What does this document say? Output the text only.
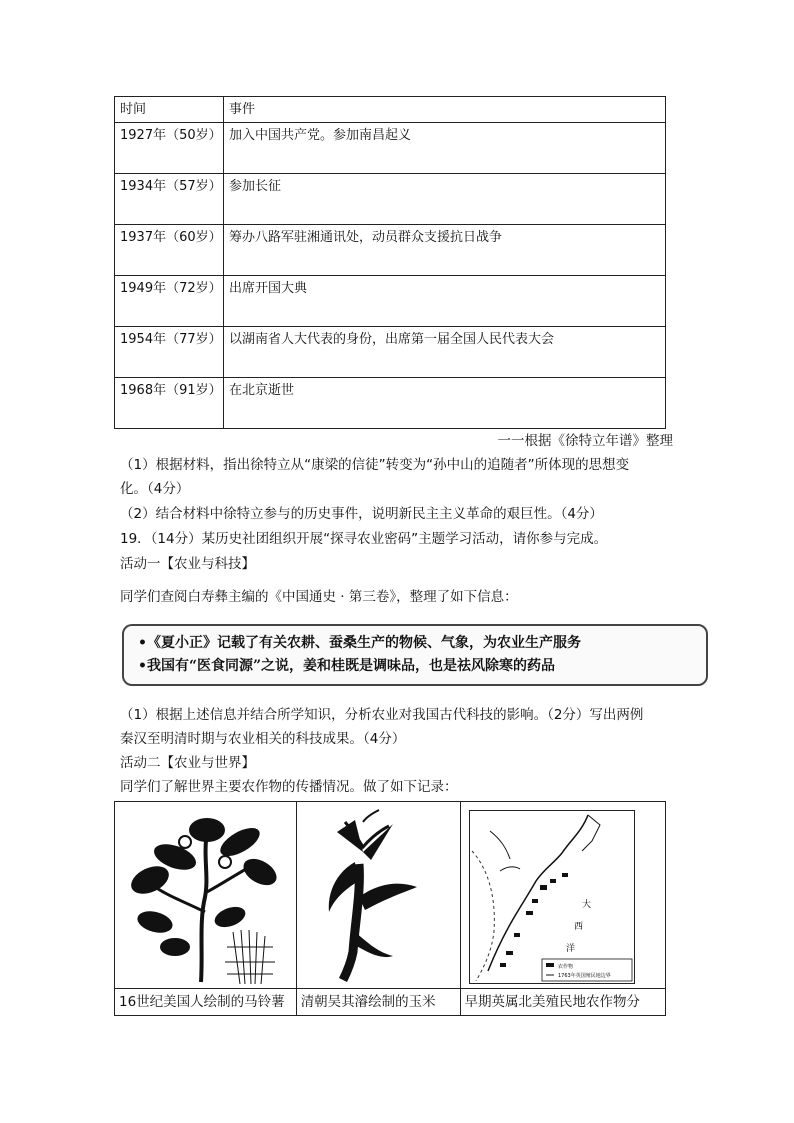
时间	事件
1927年（50岁）	加入中国共产党。参加南昌起义
1934年（57岁）	参加长征
1937年（60岁）	筹办八路军驻湘通讯处，动员群众支援抗日战争
1949年（72岁）	出席开国大典
1954年（77岁）	以湖南省人大代表的身份，出席第一届全国人民代表大会
1968年（91岁）	在北京逝世
一一根据《徐特立年谱》整理

（1）根据材料，指出徐特立从“康梁的信徒”转变为“孙中山的追随者”所体现的思想变

化。（4分）

（2）结合材料中徐特立参与的历史事件，说明新民主主义革命的艰巨性。（4分）

19．（14分）某历史社团组织开展“探寻农业密码”主题学习活动，请你参与完成。

活动一【农业与科技】

同学们查阅白寿彝主编的《中国通史 · 第三卷》，整理了如下信息：

•《夏小正》记载了有关农耕、蚕桑生产的物候、气象，为农业生产服务
•我国有“医食同源”之说，姜和桂既是调味品，也是祛风除寒的药品

（1）根据上述信息并结合所学知识，分析农业对我国古代科技的影响。（2分）写出两例

秦汉至明清时期与农业相关的科技成果。（4分）

活动二【农业与世界】

同学们了解世界主要农作物的传播情况。做了如下记录：

大
西
洋
农作物
1763年英国殖民地边界

16世纪美国人绘制的马铃薯	清朝吴其濬绘制的玉米	早期英属北美殖民地农作物分
